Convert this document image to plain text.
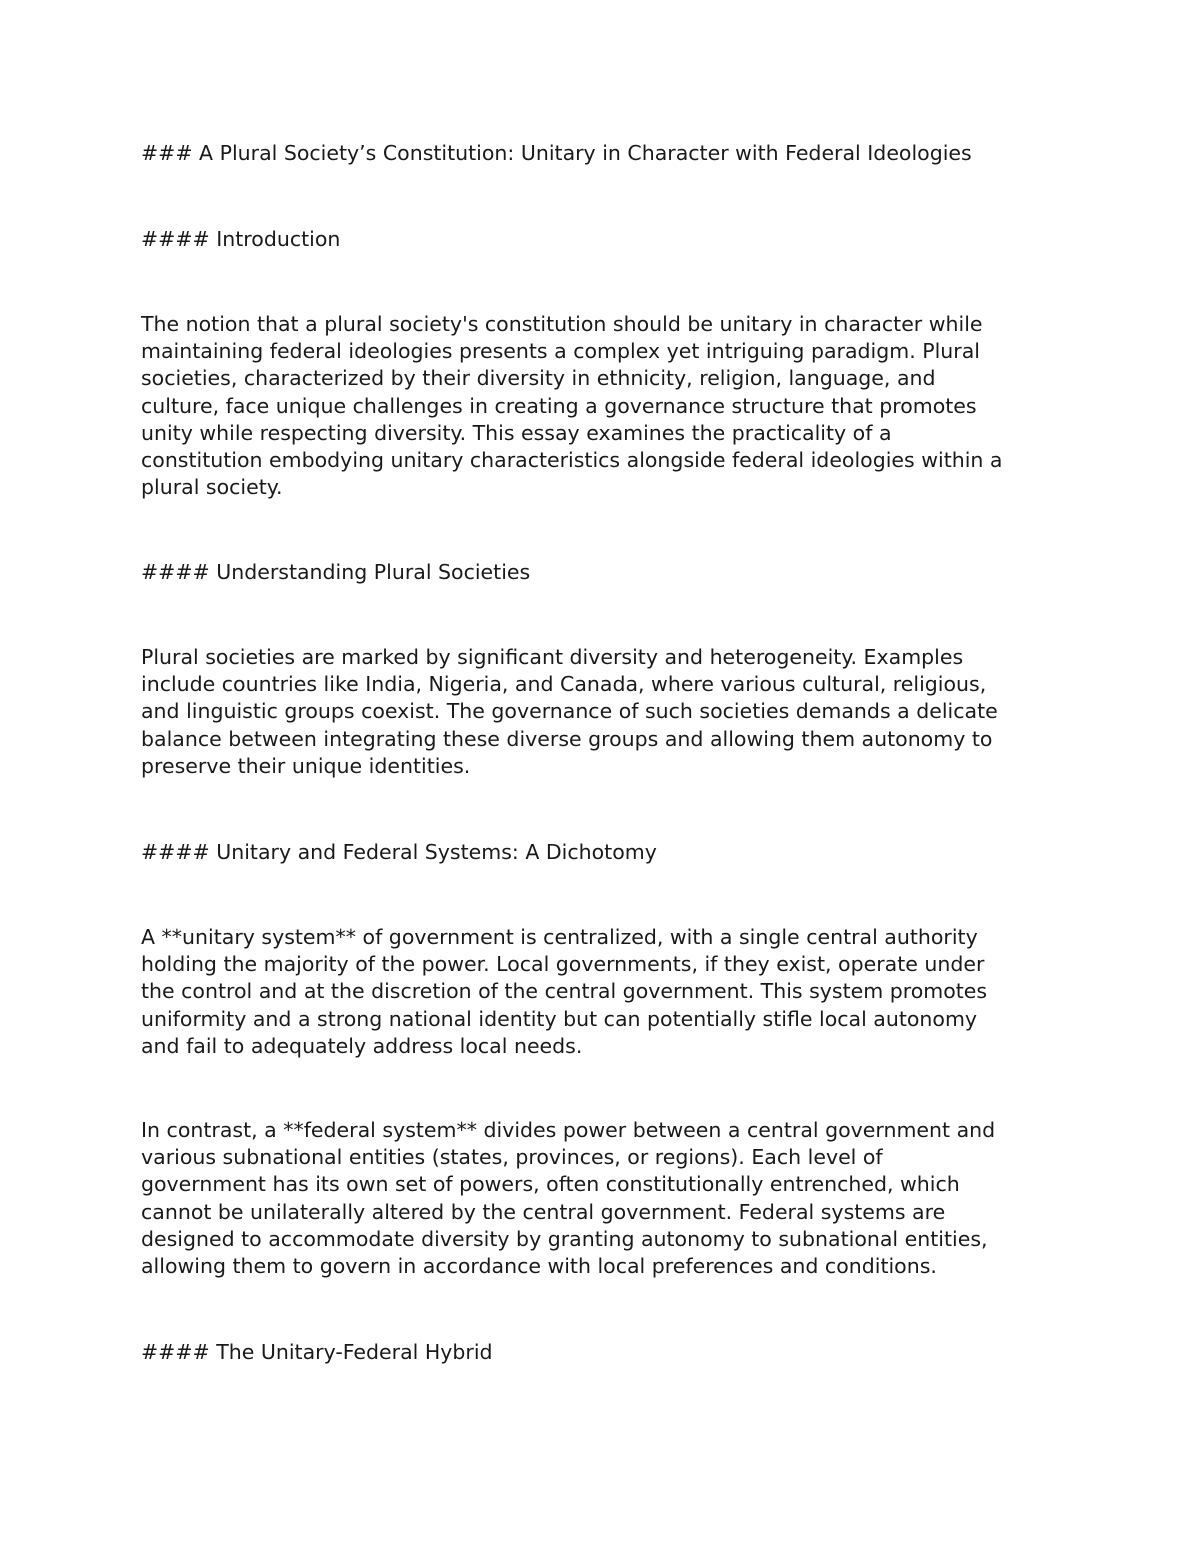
### A Plural Society’s Constitution: Unitary in Character with Federal Ideologies
#### Introduction
The notion that a plural society's constitution should be unitary in character while
maintaining federal ideologies presents a complex yet intriguing paradigm. Plural
societies, characterized by their diversity in ethnicity, religion, language, and
culture, face unique challenges in creating a governance structure that promotes
unity while respecting diversity. This essay examines the practicality of a
constitution embodying unitary characteristics alongside federal ideologies within a
plural society.
#### Understanding Plural Societies
Plural societies are marked by significant diversity and heterogeneity. Examples
include countries like India, Nigeria, and Canada, where various cultural, religious,
and linguistic groups coexist. The governance of such societies demands a delicate
balance between integrating these diverse groups and allowing them autonomy to
preserve their unique identities.
#### Unitary and Federal Systems: A Dichotomy
A **unitary system** of government is centralized, with a single central authority
holding the majority of the power. Local governments, if they exist, operate under
the control and at the discretion of the central government. This system promotes
uniformity and a strong national identity but can potentially stifle local autonomy
and fail to adequately address local needs.
In contrast, a **federal system** divides power between a central government and
various subnational entities (states, provinces, or regions). Each level of
government has its own set of powers, often constitutionally entrenched, which
cannot be unilaterally altered by the central government. Federal systems are
designed to accommodate diversity by granting autonomy to subnational entities,
allowing them to govern in accordance with local preferences and conditions.
#### The Unitary-Federal Hybrid
